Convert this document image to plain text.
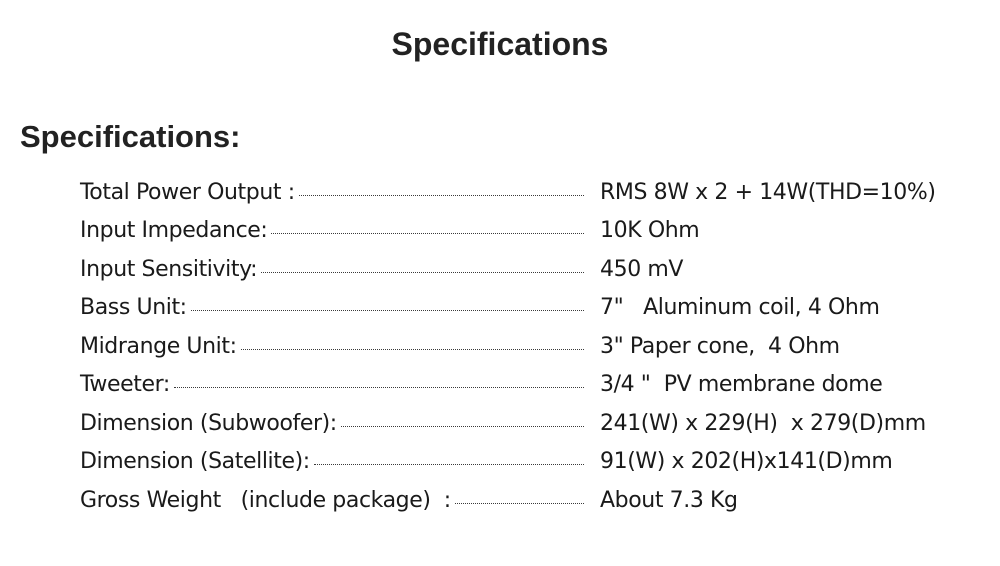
Specifications
Specifications:
Total Power Output :	RMS 8W x 2 + 14W(THD=10%)
Input Impedance:	10K Ohm
Input Sensitivity:	450 mV
Bass Unit:	7"   Aluminum coil, 4 Ohm
Midrange Unit:	3" Paper cone,  4 Ohm
Tweeter:	3/4 "  PV membrane dome
Dimension (Subwoofer):	241(W) x 229(H)  x 279(D)mm
Dimension (Satellite):	91(W) x 202(H)x141(D)mm
Gross Weight   (include package)  :	About 7.3 Kg
